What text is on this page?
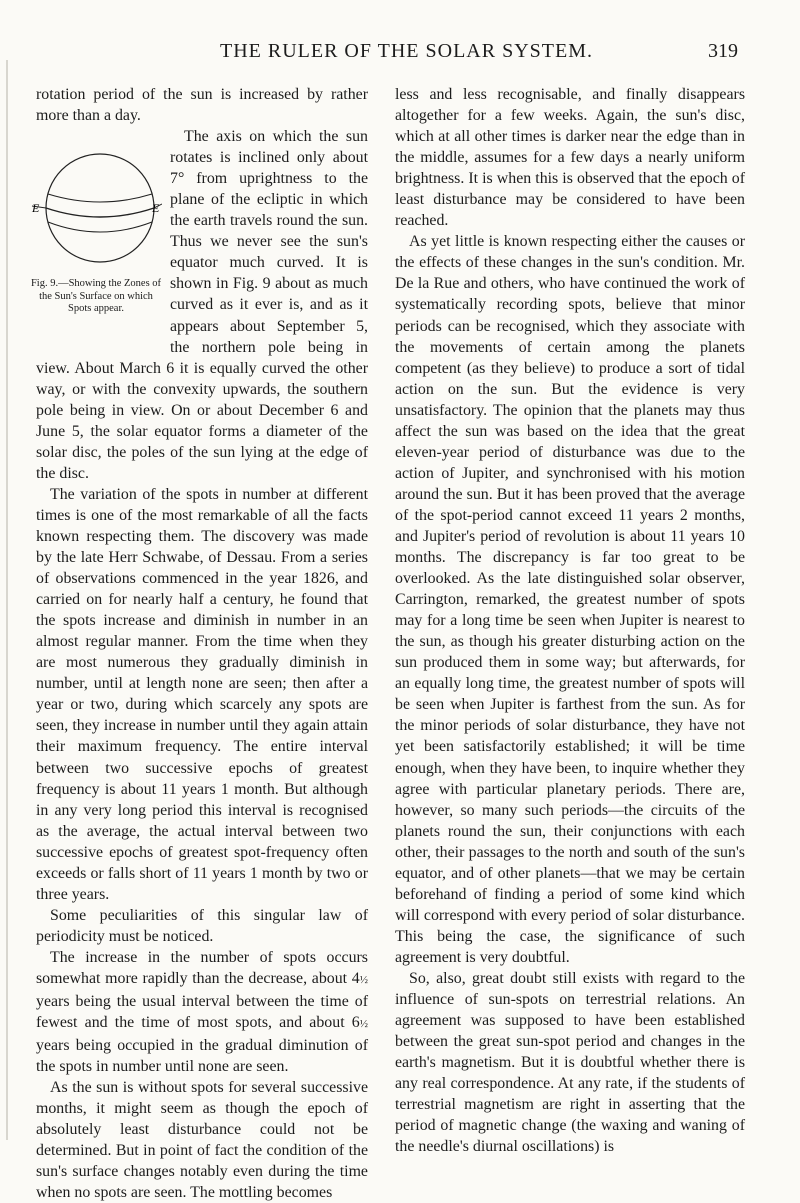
THE RULER OF THE SOLAR SYSTEM.	319

rotation period of the sun is increased by rather more than a day.

E	E
Fig. 9.—Showing the Zones of the Sun's Surface on which Spots appear.

The axis on which the sun rotates is inclined only about 7° from uprightness to the plane of the ecliptic in which the earth travels round the sun. Thus we never see the sun's equator much curved. It is shown in Fig. 9 about as much curved as it ever is, and as it appears about September 5, the northern pole being in view. About March 6 it is equally curved the other way, or with the convexity upwards, the southern pole being in view. On or about December 6 and June 5, the solar equator forms a diameter of the solar disc, the poles of the sun lying at the edge of the disc.

The variation of the spots in number at different times is one of the most remarkable of all the facts known respecting them. The discovery was made by the late Herr Schwabe, of Dessau. From a series of observations commenced in the year 1826, and carried on for nearly half a century, he found that the spots increase and diminish in number in an almost regular manner. From the time when they are most numerous they gradually diminish in number, until at length none are seen; then after a year or two, during which scarcely any spots are seen, they increase in number until they again attain their maximum frequency. The entire interval between two successive epochs of greatest frequency is about 11 years 1 month. But although in any very long period this interval is recognised as the average, the actual interval between two successive epochs of greatest spot-frequency often exceeds or falls short of 11 years 1 month by two or three years.

Some peculiarities of this singular law of periodicity must be noticed.

The increase in the number of spots occurs somewhat more rapidly than the decrease, about 4½ years being the usual interval between the time of fewest and the time of most spots, and about 6½ years being occupied in the gradual diminution of the spots in number until none are seen.

As the sun is without spots for several successive months, it might seem as though the epoch of absolutely least disturbance could not be determined. But in point of fact the condition of the sun's surface changes notably even during the time when no spots are seen. The mottling becomes

less and less recognisable, and finally disappears altogether for a few weeks. Again, the sun's disc, which at all other times is darker near the edge than in the middle, assumes for a few days a nearly uniform brightness. It is when this is observed that the epoch of least disturbance may be considered to have been reached.

As yet little is known respecting either the causes or the effects of these changes in the sun's condition. Mr. De la Rue and others, who have continued the work of systematically recording spots, believe that minor periods can be recognised, which they associate with the movements of certain among the planets competent (as they believe) to produce a sort of tidal action on the sun. But the evidence is very unsatisfactory. The opinion that the planets may thus affect the sun was based on the idea that the great eleven-year period of disturbance was due to the action of Jupiter, and synchronised with his motion around the sun. But it has been proved that the average of the spot-period cannot exceed 11 years 2 months, and Jupiter's period of revolution is about 11 years 10 months. The discrepancy is far too great to be overlooked. As the late distinguished solar observer, Carrington, remarked, the greatest number of spots may for a long time be seen when Jupiter is nearest to the sun, as though his greater disturbing action on the sun produced them in some way; but afterwards, for an equally long time, the greatest number of spots will be seen when Jupiter is farthest from the sun. As for the minor periods of solar disturbance, they have not yet been satisfactorily established; it will be time enough, when they have been, to inquire whether they agree with particular planetary periods. There are, however, so many such periods—the circuits of the planets round the sun, their conjunctions with each other, their passages to the north and south of the sun's equator, and of other planets—that we may be certain beforehand of finding a period of some kind which will correspond with every period of solar disturbance. This being the case, the significance of such agreement is very doubtful.

So, also, great doubt still exists with regard to the influence of sun-spots on terrestrial relations. An agreement was supposed to have been established between the great sun-spot period and changes in the earth's magnetism. But it is doubtful whether there is any real correspondence. At any rate, if the students of terrestrial magnetism are right in asserting that the period of magnetic change (the waxing and waning of the needle's diurnal oscillations) is
